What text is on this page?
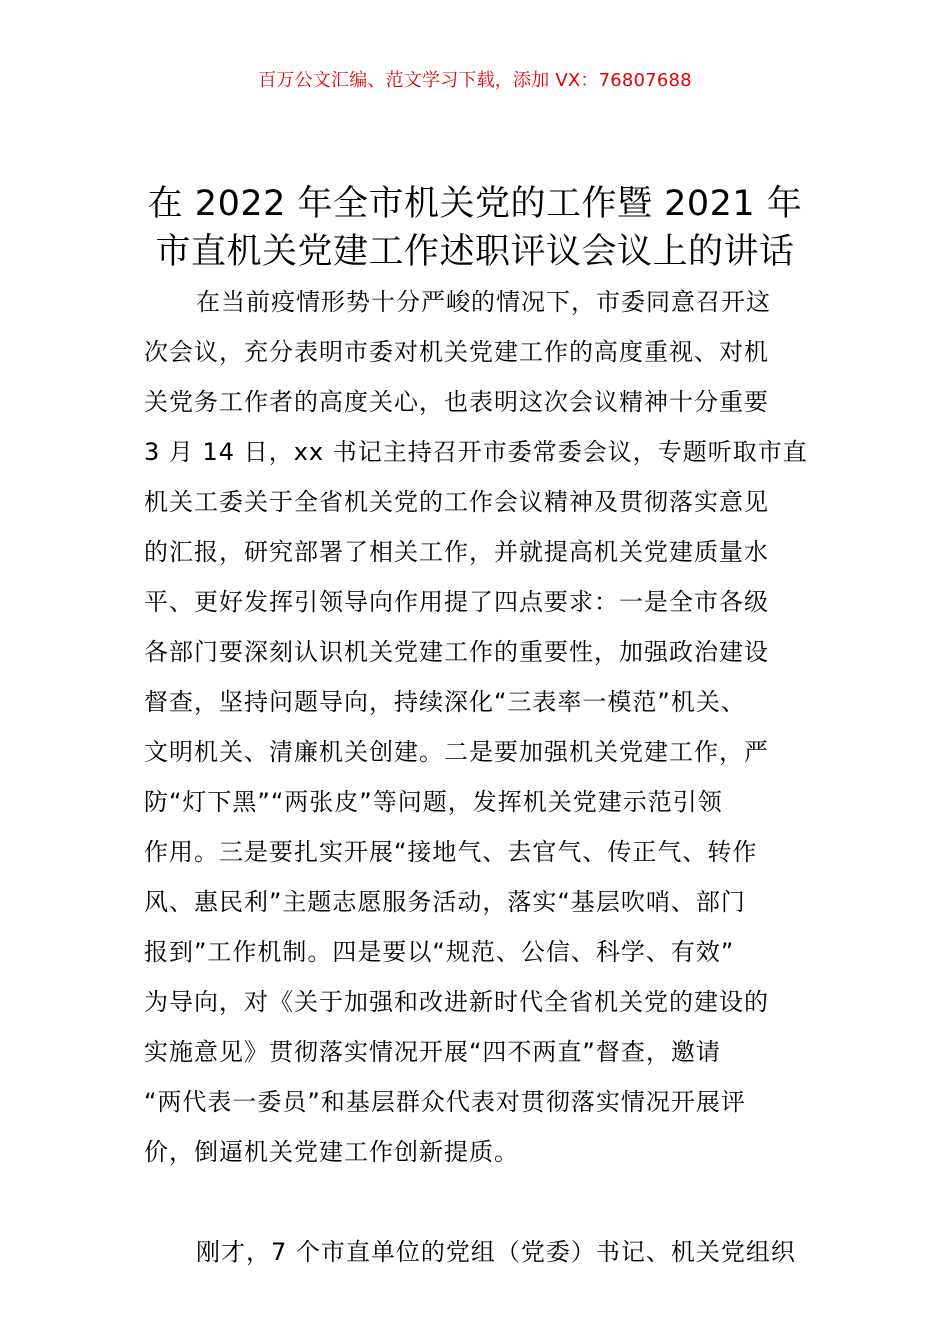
百万公文汇编、范文学习下载，添加 VX：76807688
在 2022 年全市机关党的工作暨 2021 年
市直机关党建工作述职评议会议上的讲话
在当前疫情形势十分严峻的情况下，市委同意召开这
次会议，充分表明市委对机关党建工作的高度重视、对机
关党务工作者的高度关心，也表明这次会议精神十分重要
3 月 14 日，xx 书记主持召开市委常委会议，专题听取市直
机关工委关于全省机关党的工作会议精神及贯彻落实意见
的汇报，研究部署了相关工作，并就提高机关党建质量水
平、更好发挥引领导向作用提了四点要求：一是全市各级
各部门要深刻认识机关党建工作的重要性，加强政治建设
督查，坚持问题导向，持续深化“三表率一模范”机关、
文明机关、清廉机关创建。二是要加强机关党建工作，严
防“灯下黑”“两张皮”等问题，发挥机关党建示范引领
作用。三是要扎实开展“接地气、去官气、传正气、转作
风、惠民利”主题志愿服务活动，落实“基层吹哨、部门
报到”工作机制。四是要以“规范、公信、科学、有效”
为导向，对《关于加强和改进新时代全省机关党的建设的
实施意见》贯彻落实情况开展“四不两直”督查，邀请
“两代表一委员”和基层群众代表对贯彻落实情况开展评
价，倒逼机关党建工作创新提质。
刚才，7 个市直单位的党组（党委）书记、机关党组织
